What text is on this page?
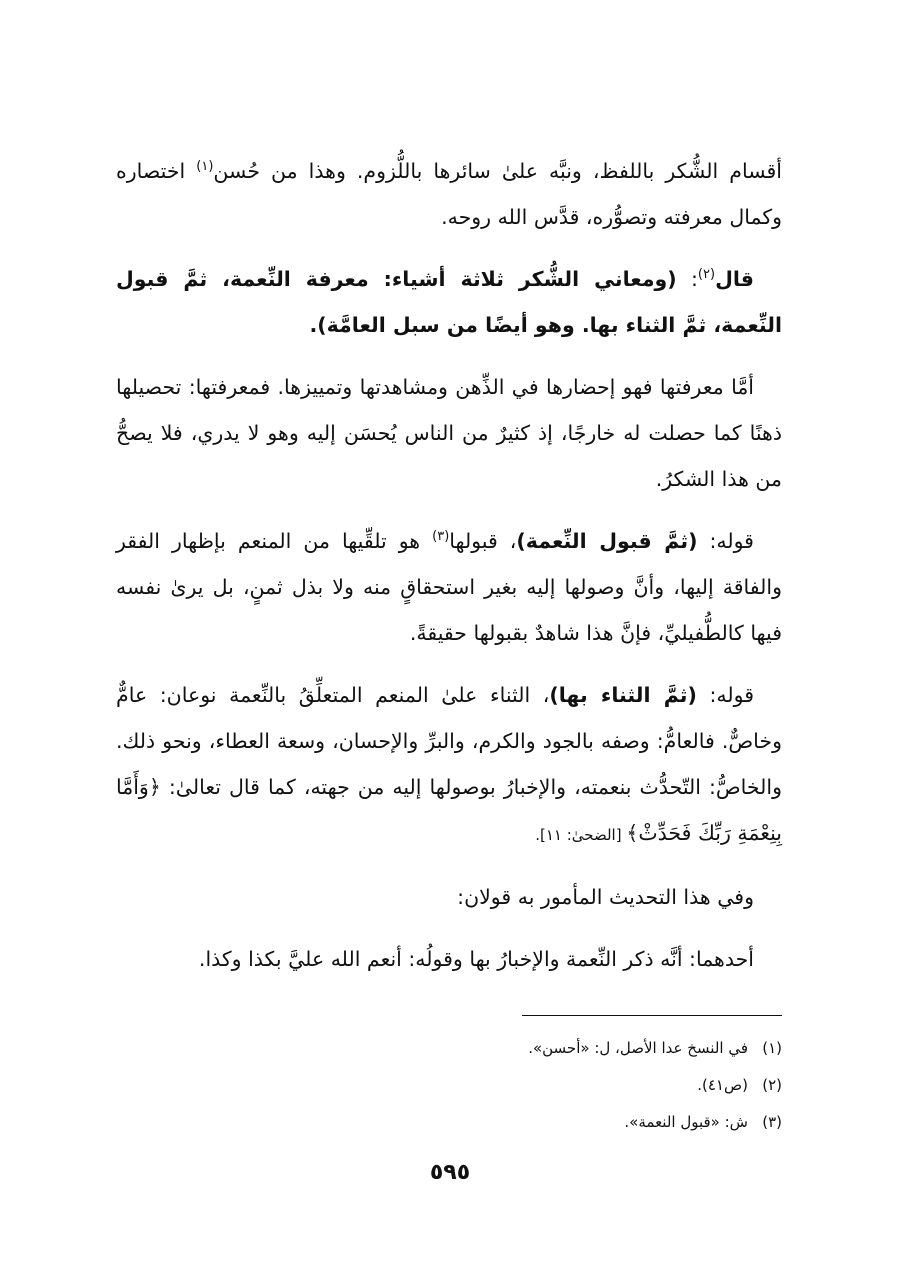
أقسام الشُّكر باللفظ، ونبَّه علىٰ سائرها باللُّزوم. وهذا من حُسن$^{(١)}$ اختصاره وكمال معرفته وتصوُّره، قدَّس الله روحه.

قال$^{(٢)}$: (ومعاني الشُّكر ثلاثة أشياء: معرفة النِّعمة، ثمَّ قبول النِّعمة، ثمَّ الثناء بها. وهو أيضًا من سبل العامَّة).

أمَّا معرفتها فهو إحضارها في الذِّهن ومشاهدتها وتمييزها. فمعرفتها: تحصيلها ذهنًا كما حصلت له خارجًا، إذ كثيرٌ من الناس يُحسَن إليه وهو لا يدري، فلا يصحُّ من هذا الشكرُ.

قوله: (ثمَّ قبول النِّعمة)، قبولها$^{(٣)}$ هو تلقِّيها من المنعم بإظهار الفقر والفاقة إليها، وأنَّ وصولها إليه بغير استحقاقٍ منه ولا بذل ثمنٍ، بل يرىٰ نفسه فيها كالطُّفيليِّ، فإنَّ هذا شاهدٌ بقبولها حقيقةً.

قوله: (ثمَّ الثناء بها)، الثناء علىٰ المنعم المتعلِّقُ بالنِّعمة نوعان: عامٌّ وخاصٌّ. فالعامُّ: وصفه بالجود والكرم، والبرِّ والإحسان، وسعة العطاء، ونحو ذلك. والخاصُّ: التّحدُّث بنعمته، والإخبارُ بوصولها إليه من جهته، كما قال تعالىٰ: ﴿وَأَمَّا بِنِعْمَةِ رَبِّكَ فَحَدِّثْ﴾ [الضحىٰ: ١١].

وفي هذا التحديث المأمور به قولان:

أحدهما: أنَّه ذكر النِّعمة والإخبارُ بها وقولُه: أنعم الله عليَّ بكذا وكذا.

(١)في النسخ عدا الأصل، ل: «أحسن».
(٢)(ص٤١).
(٣)ش: «قبول النعمة».
٥٩٥
